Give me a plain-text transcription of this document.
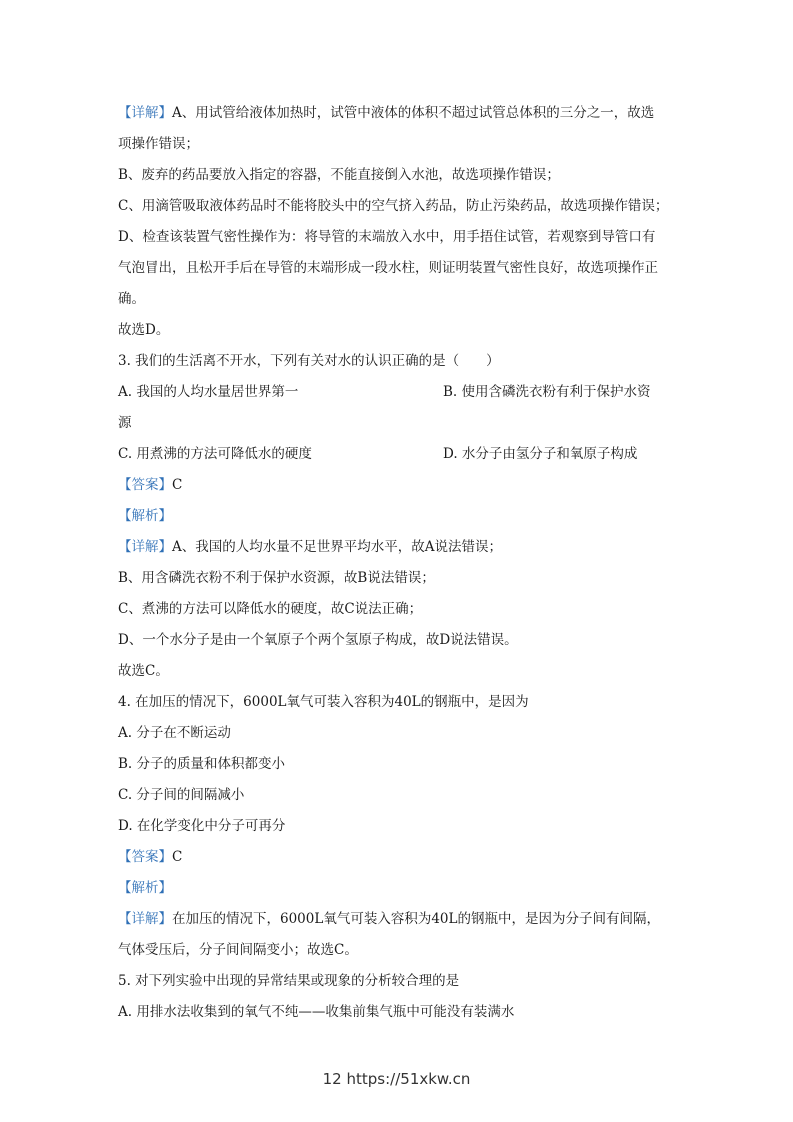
【详解】A、用试管给液体加热时，试管中液体的体积不超过试管总体积的三分之一，故选
项操作错误；
B、废弃的药品要放入指定的容器，不能直接倒入水池，故选项操作错误；
C、用滴管吸取液体药品时不能将胶头中的空气挤入药品，防止污染药品，故选项操作错误；
D、检查该装置气密性操作为：将导管的末端放入水中，用手捂住试管，若观察到导管口有
气泡冒出，且松开手后在导管的末端形成一段水柱，则证明装置气密性良好，故选项操作正
确。
故选D。
3. 我们的生活离不开水，下列有关对水的认识正确的是（　　）
A. 我国的人均水量居世界第一	B. 使用含磷洗衣粉有利于保护水资
源
C. 用煮沸的方法可降低水的硬度	D. 水分子由氢分子和氧原子构成
【答案】C
【解析】
【详解】A、我国的人均水量不足世界平均水平，故A说法错误；
B、用含磷洗衣粉不利于保护水资源，故B说法错误；
C、煮沸的方法可以降低水的硬度，故C说法正确；
D、一个水分子是由一个氧原子个两个氢原子构成，故D说法错误。
故选C。
4. 在加压的情况下，6000L氧气可装入容积为40L的钢瓶中，是因为
A. 分子在不断运动
B. 分子的质量和体积都变小
C. 分子间的间隔减小
D. 在化学变化中分子可再分
【答案】C
【解析】
【详解】在加压的情况下，6000L氧气可装入容积为40L的钢瓶中，是因为分子间有间隔，
气体受压后，分子间间隔变小；故选C。
5. 对下列实验中出现的异常结果或现象的分析较合理的是
A. 用排水法收集到的氧气不纯——收集前集气瓶中可能没有装满水
12 https://51xkw.cn
